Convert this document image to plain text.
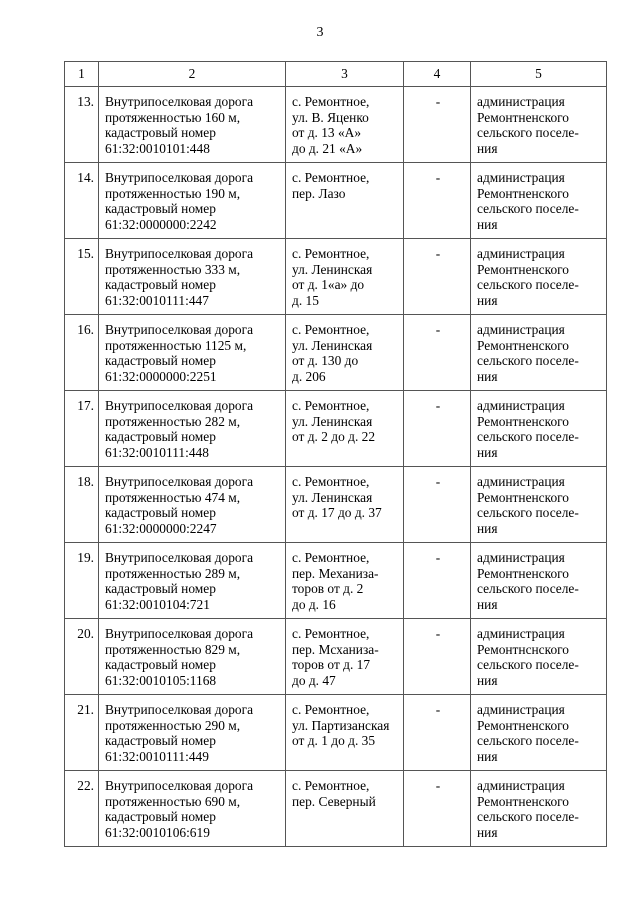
3
1	2	3	4	5
13.	Внутрипоселковая дорога
протяженностью 160 м,
кадастровый номер
61:32:0010101:448	с. Ремонтное,
ул. В. Яценко
от д. 13 «А»
до д. 21 «А»	-	администрация
Ремонтненского
сельского поселе-
ния
14.	Внутрипоселковая дорога
протяженностью 190 м,
кадастровый номер
61:32:0000000:2242	с. Ремонтное,
пер. Лазо	-	администрация
Ремонтненского
сельского поселе-
ния
15.	Внутрипоселковая дорога
протяженностью 333 м,
кадастровый номер
61:32:0010111:447	с. Ремонтное,
ул. Ленинская
от д. 1«а» до
д. 15	-	администрация
Ремонтненского
сельского поселе-
ния
16.	Внутрипоселковая дорога
протяженностью 1125 м,
кадастровый номер
61:32:0000000:2251	с. Ремонтное,
ул. Ленинская
от д. 130 до
д. 206	-	администрация
Ремонтненского
сельского поселе-
ния
17.	Внутрипоселковая дорога
протяженностью 282 м,
кадастровый номер
61:32:0010111:448	с. Ремонтное,
ул. Ленинская
от д. 2 до д. 22	-	администрация
Ремонтненского
сельского поселе-
ния
18.	Внутрипоселковая дорога
протяженностью 474 м,
кадастровый номер
61:32:0000000:2247	с. Ремонтное,
ул. Ленинская
от д. 17 до д. 37	-	администрация
Ремонтненского
сельского поселе-
ния
19.	Внутрипоселковая дорога
протяженностью 289 м,
кадастровый номер
61:32:0010104:721	с. Ремонтное,
пер. Механиза-
торов от д. 2
до д. 16	-	администрация
Ремонтненского
сельского поселе-
ния
20.	Внутрипоселковая дорога
протяженностью 829 м,
кадастровый номер
61:32:0010105:1168	с. Ремонтное,
пер. Мсханиза-
торов от д. 17
до д. 47	-	администрация
Ремонтнснского
сельского поселе-
ния
21.	Внутрипоселковая дорога
протяженностью 290 м,
кадастровый номер
61:32:0010111:449	с. Ремонтное,
ул. Партизанская
от д. 1 до д. 35	-	администрация
Ремонтненского
сельского поселе-
ния
22.	Внутрипоселковая дорога
протяженностью 690 м,
кадастровый номер
61:32:0010106:619	с. Ремонтное,
пер. Северный	-	администрация
Ремонтненского
сельского поселе-
ния
